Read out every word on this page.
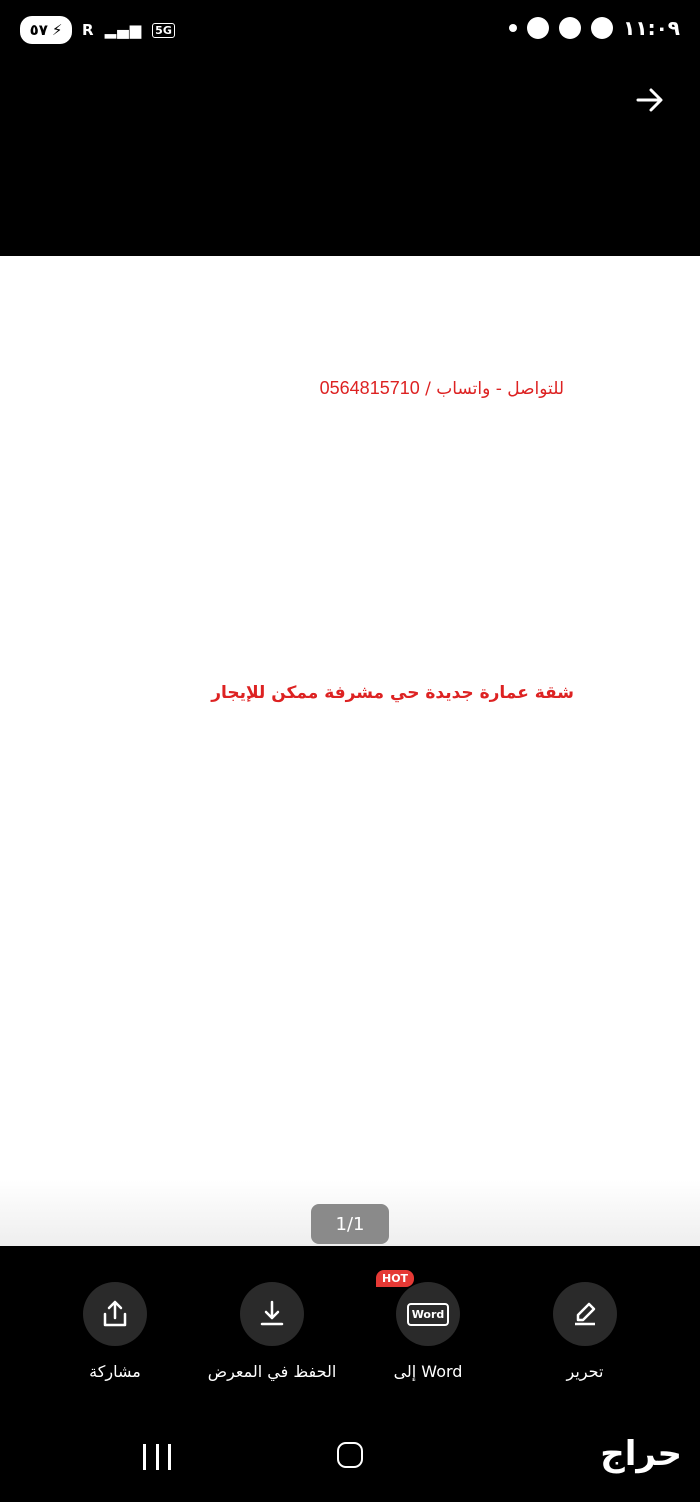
٥٧ ⚡ R ▂▄▆ 5G	١١:٠٩
عفش شقة كامل للبيع
للتواصل - واتساب / 0564815710
700 ريال	غرفة نوم كاملة بالمرتبة -
1000 ريال مجلس ارضي 3.5 * 4 متر + طاولات + ستارة + سجادة -
500 ريال	طقم كنب 1 كبير + 1 صغير + 2 كرسي + طاولات -
250 ريال	سرير كبير بالمرتبة + سرير فردي بالمرتبة -
250 ريال	طاولة طعام + 6 كرسي خشب -
300 ريال	مطبخ 3*3 متر 4 قطع -
400 ريال	ثلاجة 16 قدم -
1000 ريال	غسالة فول اتوماتيك جديدة داخل الضمان ميديا -
250 ريال	ديب فريزر 140 لتر -
450 ريال للواحد عدد 3 مكيف 1.5 طن + 1 مكيف 2 طن + 1 مكيف اسبيليت -
100 ريال	ثلاجة مياه + 4 قارورة مياه -
250 ريال	جزامة خشب + طاولة بلازما -
250 ريال	شاشة 42 بوصة + ريسيفر اشتراك 5 سنوات -
450 ريال	بوتاجاز 5 شعلة + امبوبة الغاز -
شقة عمارة جديدة حي مشرفة ممكن للإيجار
1/1
مشاركة	الحفظ في المعرض
HOT
Word
إلى Word	تحرير
حراج
